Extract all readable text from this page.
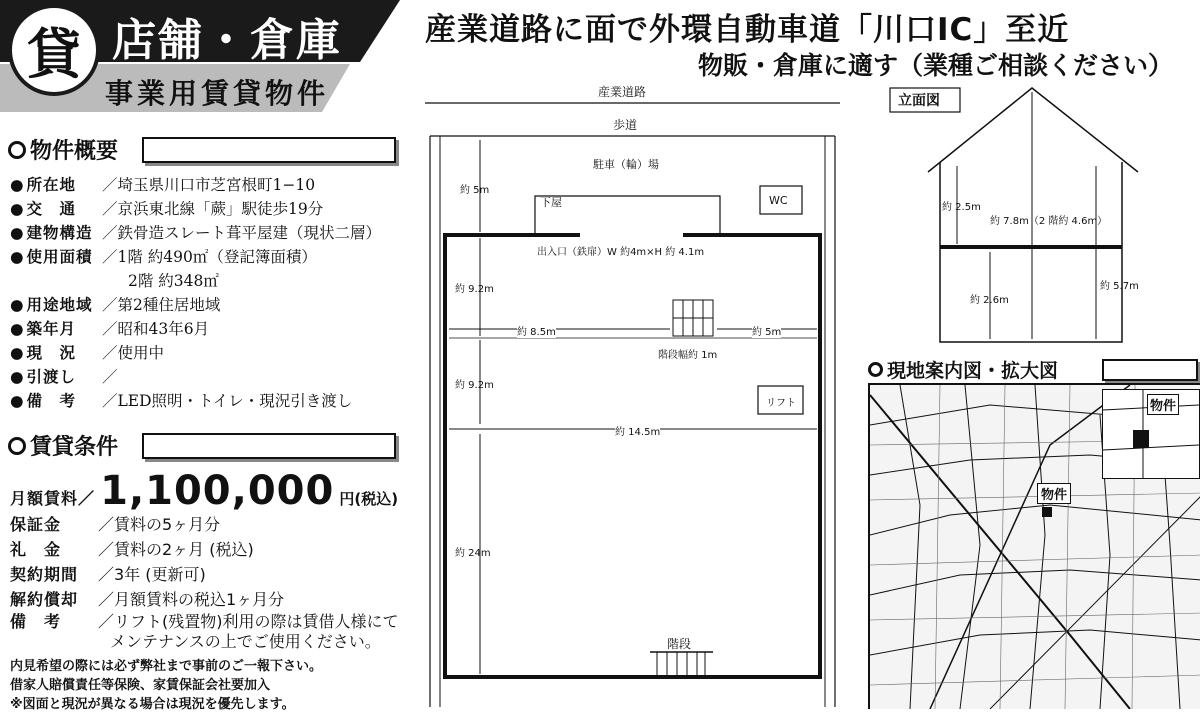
貸 店舗・倉庫
事業用賃貸物件
産業道路に面で外環自動車道「川口IC」至近
物販・倉庫に適す（業種ご相談ください）
物件概要
● 所在地 ／埼玉県川口市芝宮根町1−10
● 交　通 ／京浜東北線「蕨」駅徒歩19分
● 建物構造 ／鉄骨造スレート葺平屋建（現状二層）
● 使用面積 ／1階 約490㎡（登記簿面積）
2階 約348㎡
● 用途地域 ／第2種住居地域
● 築年月 ／昭和43年6月
● 現　況 ／使用中
● 引渡し ／
● 備　考 ／LED照明・トイレ・現況引き渡し
賃貸条件
月額賃料／ 1,100,000 円(税込)
保証金 ／賃料の5ヶ月分
礼　金 ／賃料の2ヶ月 (税込)
契約期間 ／3年 (更新可)
解約償却 ／月額賃料の税込1ヶ月分
備　考 ／リフト(残置物)利用の際は賃借人様にて
メンテナンスの上でご使用ください。
内見希望の際には必ず弊社まで事前のご一報下さい。
借家人賠償責任等保険、家賃保証会社要加入
※図面と現況が異なる場合は現況を優先します。
産業道路
歩道
駐車（輪）場
下屋	WC
約 5m
出入口（鉄扉）W 約4m×H 約 4.1m
約 9.2m
約 8.5m	約 5m
階段幅約 1m
約 9.2m
リフト
約 14.5m
約 24m
階段
立面図
約 2.5m
約 7.8m（2 階約 4.6m）
約 2.6m
約 5.7m
現地案内図・拡大図
物件
物件
